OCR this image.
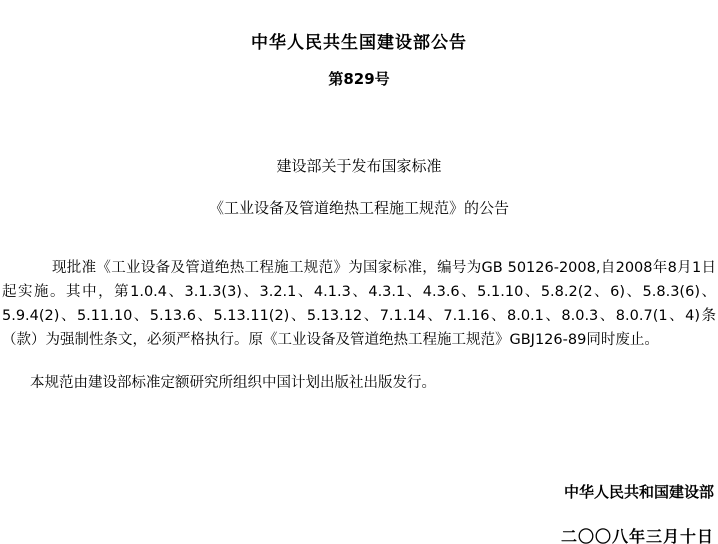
中华人民共生国建设部公告
第829号
建设部关于发布国家标准
《工业设备及管道绝热工程施工规范》的公告
现批准《工业设备及管道绝热工程施工规范》为国家标准，编号为GB 50126-2008,自2008年8月1日起实施。其中，第1.0.4、3.1.3(3)、3.2.1、4.1.3、4.3.1、4.3.6、5.1.10、5.8.2(2、6)、5.8.3(6)、5.9.4(2)、5.11.10、5.13.6、5.13.11(2)、5.13.12、7.1.14、7.1.16、8.0.1、8.0.3、8.0.7(1、4)条（款）为强制性条文，必须严格执行。原《工业设备及管道绝热工程施工规范》GBJ126-89同时废止。
本规范由建设部标准定额研究所组织中国计划出版社出版发行。
中华人民共和国建设部
二〇〇八年三月十日
